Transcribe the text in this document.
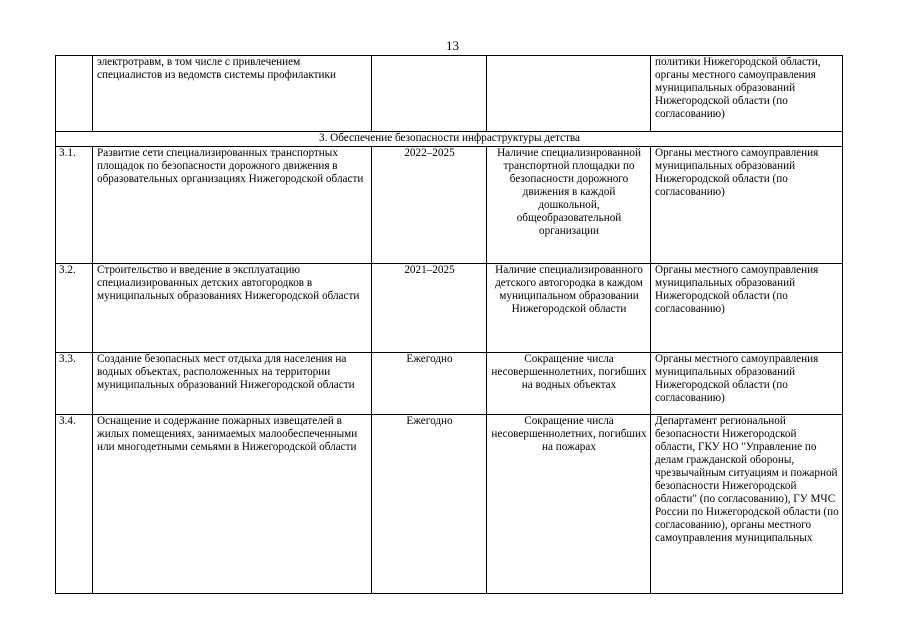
13
	электротравм, в том числе с привлечением специалистов из ведомств системы профилактики			политики Нижегородской области, органы местного самоуправления муниципальных образований Нижегородской области (по согласованию)
3. Обеспечение безопасности инфраструктуры детства				
3.1.	Развитие сети специализированных транспортных площадок по безопасности дорожного движения в образовательных организациях Нижегородской области	2022–2025	Наличие специализированной транспортной площадки по безопасности дорожного движения в каждой дошкольной, общеобразовательной организации	Органы местного самоуправления муниципальных образований Нижегородской области (по согласованию)
3.2.	Строительство и введение в эксплуатацию специализированных детских автогородков в муниципальных образованиях Нижегородской области	2021–2025	Наличие специализированного детского автогородка в каждом муниципальном образовании Нижегородской области	Органы местного самоуправления муниципальных образований Нижегородской области (по согласованию)
3.3.	Создание безопасных мест отдыха для населения на водных объектах, расположенных на территории муниципальных образований Нижегородской области	Ежегодно	Сокращение числа несовершеннолетних, погибших на водных объектах	Органы местного самоуправления муниципальных образований Нижегородской области (по согласованию)
3.4.	Оснащение и содержание пожарных извещателей в жилых помещениях, занимаемых малообеспеченными или многодетными семьями в Нижегородской области	Ежегодно	Сокращение числа несовершеннолетних, погибших на пожарах	Департамент региональной безопасности Нижегородской области, ГКУ НО "Управление по делам гражданской обороны, чрезвычайным ситуациям и пожарной безопасности Нижегородской области" (по согласованию), ГУ МЧС России по Нижегородской области (по согласованию), органы местного самоуправления муниципальных
